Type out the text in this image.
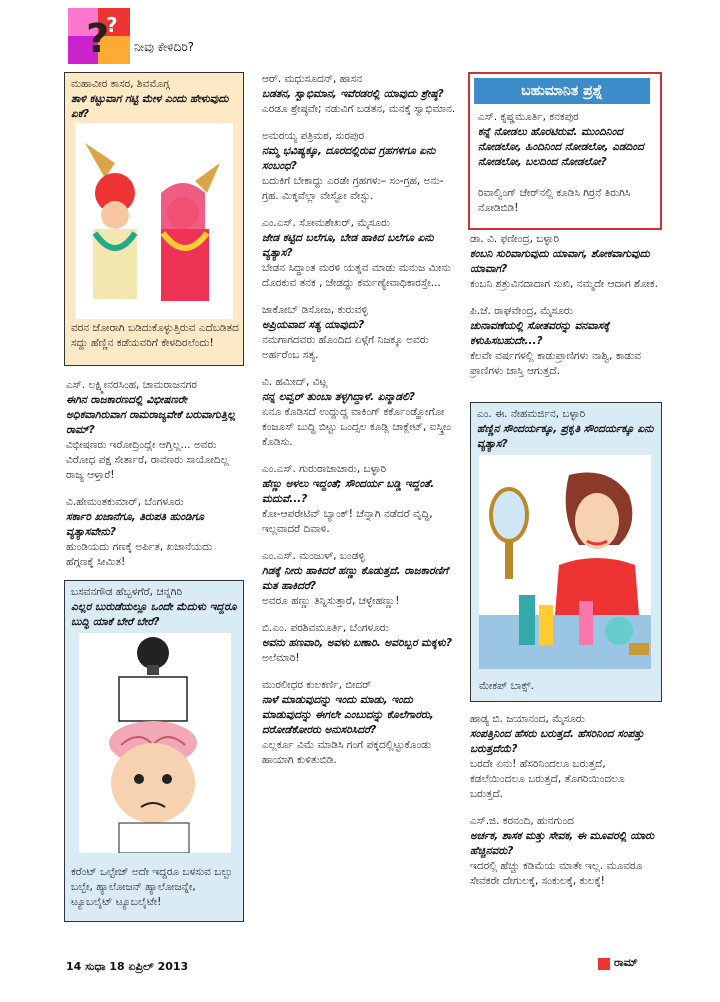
?
?
ನೀವು ಕೇಳಿದಿರಿ?
ಮಹಾವೀರ ಕಾಸರ, ಶಿವಮೊಗ್ಗ
ತಾಳಿ ಕಟ್ಟುವಾಗ ಗಟ್ಟಿ ಮೇಳ ಎಂದು ಹೇಳುವುದು ಏಕೆ?
ವರನ ಜೋರಾಗಿ ಬಡಿದುಕೊಳ್ಳುತ್ತಿರುವ ಎದೆಬಡಿತದ ಸದ್ದು ಹೆಣ್ಣಿನ ಕಡೆಯವರಿಗೆ ಕೇಳದಿರಲೆಂದು!

ಎಸ್. ಲಕ್ಷ್ಮೀನರಸಿಂಹ, ಚಾಮರಾಜನಗರ

ಈಗಿನ ರಾಜಕಾರಣದಲ್ಲಿ ವಿಭೀಷಣರೇ ಅಧಿಕವಾಗಿರುವಾಗ ರಾಮರಾಜ್ಯವೇಕೆ ಬರುವಾಗುತ್ತಿಲ್ಲ ರಾಮ್?

ವಿಭೀಷಣರು ಇರೋದ್ರಿಂದ್ಲೇ ಆಗ್ತಿಲ್ಲ... ಅವರು ವಿರೋಧ ಪಕ್ಷ ಸೇರ್ತಾರೆ, ರಾವಣರು ಸಾಯೋದಿಲ್ಲ ರಾಜ್ಯ ಆಳ್ತಾರೆ!

ವಿ.ಹೇಮಂತಕುಮಾರ್, ಬೆಂಗಳೂರು

ಸರ್ಕಾರಿ ಖಜಾನೆಗೂ, ತಿರುಪತಿ ಹುಂಡಿಗೂ ವ್ಯತ್ಯಾಸವೇನು?

ಹುಂಡಿಯದು ಗಣಕ್ಕೆ ಅರ್ಪಿತ, ಖಜಾನೆಯದು ಹೆಗ್ಗಣಕ್ಕೆ ಸೀಮಿತ!

ಬಸವನಗೌಡ ಹೆಬ್ಬಳಗೆರೆ, ಚನ್ನಗಿರಿ
ಎಲ್ಲರ ಬುರುಡೆಯಲ್ಲೂ ಒಂದೇ ಮೆದುಳು ಇದ್ದರೂ ಬುದ್ಧಿ ಯಾಕೆ ಬೇರೆ ಬೇರೆ?
ಕರೆಂಟ್ ಒಲ್ಟೇಜ್ ಅದೇ ಇದ್ದರೂ ಬಳಸುವ ಬಲ್ಬು ಬಲ್ಬೇ, ಹ್ಯಾಲೋಜನ್ ಹ್ಯಾಲೋಜನ್ನೇ, ಟ್ಯೂಬಲೈಟ್ ಟ್ಯೂಬಲೈಟೇ!

ಆರ್. ಮಧುಸೂದನ್, ಹಾಸನ

ಬಡತನ, ಸ್ವಾಭಿಮಾನ, ಇವೆರಡರಲ್ಲಿ ಯಾವುದು ಶ್ರೇಷ್ಠ?

ಎರಡೂ ಶ್ರೇಷ್ಠವೇ; ನಡುವಿಗೆ ಬಡತನ, ಮನಕ್ಕೆ ಸ್ವಾಭಿಮಾನ.

ಅಮರಯ್ಯ ಪತ್ರಿಮಠ, ಸುರಪುರ

ನಮ್ಮ ಭವಿಷ್ಯಕ್ಕೂ, ದೂರದಲ್ಲಿರುವ ಗ್ರಹಗಳಿಗೂ ಏನು ಸಂಬಂಧ?

ಬದುಕಿಗೆ ಬೇಕಾದ್ದು ಎರಡೇ ಗ್ರಹಗಳು– ಸಂ-ಗ್ರಹ, ಅನು- ಗ್ರಹ. ಮಿಕ್ಕವೆಲ್ಲಾ ವೇಸ್ಟೋ ವೇಸ್ಟು.

ಎಂ.ಎಸ್. ಸೋಮಶೇಖರ್, ಮೈಸೂರು

ಜೇಡ ಕಟ್ಟಿದ ಬಲೆಗೂ, ಬೇಡ ಹಾಕಿದ ಬಲೆಗೂ ಏನು ವ್ಯತ್ಯಾಸ?

ಬೇಡನ ಸಿದ್ಧಾಂತ ಮರಳಿ ಯತ್ನವ ಮಾಡು ಮನುಜ ಮೀನು ದೊರಕುವ ತನಕ , ಜೇಡದ್ದು ಕರ್ಮಣ್ಯೇವಾಧಿಕಾರಸ್ತೇ...

ಜಾಕೋಬ್ ಡಿಸೋಜ, ಕುರುವಳ್ಳಿ

ಅಪ್ರಿಯವಾದ ಸತ್ಯ ಯಾವುದು?

ನಮಗಾಗದವರು ಹೊಂದಿದ ಏಳ್ಗೆಗೆ ನಿಜಕ್ಕೂ ಅವರು ಅರ್ಹರೆಂಬ ಸತ್ಯ.

ವಿ. ಹಮೀದ್, ವಿಟ್ಲ

ನನ್ನ ಲವ್ವರ್ ತುಂಬಾ ತಳ್ಳಗಿದ್ದಾಳೆ. ಏನ್ಮಾಡಲಿ?

ಏನೂ ಕೊಡಿಸದೆ ಉದ್ದುದ್ದ ವಾಕಿಂಗ್ ಕರ್ಕೊಂಡ್ಹೋಗೋ ಕಂಜೂಸ್ ಬುದ್ಧಿ ಬಿಟ್ಟು ಒಂದ್ಸಲ ಕೂಡ್ಲಿ ಚಾಕ್ಲೇಟ್, ಐಸ್ಕ್ರೀಂ ಕೊಡಿಸು.

ಎಂ.ಎಸ್. ಗುರುರಾಜಾಚಾರು, ಬಳ್ಳಾರಿ

ಹೆಣ್ಣು ಅಳಲು ಇದ್ದಂತೆ; ಸೌಂದರ್ಯ ಬಡ್ಡಿ ಇದ್ದಂತೆ. ಮದುವೆ...?

ಕೋ-ಆಪರೇಟಿವ್ ಬ್ಯಾಂಕ್! ಚೆನ್ನಾಗಿ ನಡೆದರೆ ವೃದ್ಧಿ, ಇಲ್ಲವಾದರೆ ದಿವಾಳಿ.

ಎಂ.ಎಸ್. ಮಂಜುಳ್, ಬಂಡಳ್ಳಿ

ಗಿಡಕ್ಕೆ ನೀರು ಹಾಕಿದರೆ ಹಣ್ಣು ಕೊಡುತ್ತದೆ. ರಾಜಕಾರಣಿಗೆ ಮತ ಹಾಕಿದರೆ?

ಅವರೂ ಹಣ್ಣು ತಿನ್ನಿಸುತ್ತಾರೆ, ಚಳ್ಳೇಹಣ್ಣು!

ಬಿ.ಎಂ. ಪರಶಿವಮೂರ್ತಿ, ಬೆಂಗಳೂರು

ಅವನು ಹಣವಾರಿ, ಅವಳು ಬಣಾರಿ. ಅವರಿಬ್ಬರ ಮಕ್ಕಳು?

ಅಲೆಮಾರಿ!

ಮುರಲೀಧರ ಕುಲಕರ್ಣಿ, ಬೀದರ್

ನಾಳೆ ಮಾಡುವುದನ್ನು ಇಂದು ಮಾಡು, ಇಂದು ಮಾಡುವುದನ್ನು ಈಗಲೇ ಎಂಬುದನ್ನು ಕೊಲೆಗಾರರು, ದರೋಡೆಕೋರರು ಅನುಸರಿಸಿದರೆ?

ಎಲ್ಲರ್ಕೂ ವಿಮೆ ಮಾಡಿಸಿ ಗಂಗೆ ಪಕ್ಕದಲ್ಲಿಟ್ಟುಕೊಂಡು ಹಾಯಾಗಿ ಕುಳಿತುಬಿಡಿ.

ಬಹುಮಾನಿತ ಪ್ರಶ್ನೆ
ಎಸ್. ಕೃಷ್ಣಮೂರ್ತಿ, ಕನಕಪುರ
ಕನ್ನೆ ನೋಡಲು ಹೊರಟಿರುವೆ. ಮುಂದಿನಿಂದ ನೋಡಲೋ, ಹಿಂದಿನಿಂದ ನೋಡಲೋ, ಎಡದಿಂದ ನೋಡಲೋ, ಬಲದಿಂದ ನೋಡಲೋ?
ರಿವಾಲ್ವಿಂಗ್ ಚೇರ್‌ನಲ್ಲಿ ಕೂಡಿಸಿ ಗಿರ್ರನೆ ತಿರುಗಿಸಿ ನೋಡಿಬಿಡಿ!

ಡಾ. ವಿ. ಫಣೀಂದ್ರ, ಬಳ್ಳಾರಿ

ಕಂಬನಿ ಸುರಿವಾಗುವುದು ಯಾವಾಗ, ಶೋಕವಾಗುವುದು ಯಾವಾಗ?

ಕಂಬನಿ ಶತ್ರುವಿನದಾದಾಗ ಸುಖಿ, ನಮ್ಮದೇ ಆದಾಗ ಶೋಕ.

ಪಿ.ಜೆ. ರಾಘವೇಂದ್ರ, ಮೈಸೂರು

ಚುನಾವಣೆಯಲ್ಲಿ ಸೋತವರನ್ನು ವನವಾಸಕ್ಕೆ ಕಳುಹಿಸಬಹುದೇ...?

ಕೆಲವೇ ವರ್ಷಗಳಲ್ಲಿ ಕಾಡುಪ್ರಾಣಿಗಳು ನಾಶ್ವಿ, ಕಾಡುವ ಪ್ರಾಣಿಗಳು ಜಾಸ್ತಿ ಆಗುತ್ತದೆ.

ಎಂ. ಈ. ನೇಹಮರ್ಜಿನ, ಬಳ್ಳಾರಿ
ಹೆಣ್ಣಿನ ಸೌಂದರ್ಯಕ್ಕೂ, ಪ್ರಕೃತಿ ಸೌಂದರ್ಯಕ್ಕೂ ಏನು ವ್ಯತ್ಯಾಸ?
ಮೇಕಪ್ ಬಾಕ್ಸ್.

ಹಾಡ್ಯ ಬಿ. ಜಯಾನಂದ, ಮೈಸೂರು

ಸಂಪತ್ತಿನಿಂದ ಹೆಸರು ಬರುತ್ತದೆ. ಹೆಸರಿನಿಂದ ಸಂಪತ್ತು ಬರುತ್ತದೆಯೆ?

ಬರದೇ ಏನು! ಹೆಸರಿನಿಂದಲೂ ಬರುತ್ತದೆ, ಕಡಲೆಯಿಂದಲೂ ಬರುತ್ತದೆ, ತೊಗರಿಯಿಂದಲೂ ಬರುತ್ತದೆ.

ಎಸ್.ಜಿ. ಕರನಂದಿ, ಹುನಗುಂದ

ಅರ್ಚಕ, ಶಾಸಕ ಮತ್ತು ಸೇವಕ, ಈ ಮೂವರಲ್ಲಿ ಯಾರು ಹೆಚ್ಚಿನವರು?

ಇದರಲ್ಲಿ ಹೆಚ್ಚು ಕಡಿಮೆಯ ಮಾತೇ ಇಲ್ಲ. ಮೂವರೂ ಸೇವಕರೇ ದೇಗುಲಕ್ಕೆ, ಸಂಕುಲಕ್ಕೆ, ಕುಲಕ್ಕೆ!

14 ಸುಧಾ 18 ಏಪ್ರಿಲ್ 2013	ರಾಮ್
